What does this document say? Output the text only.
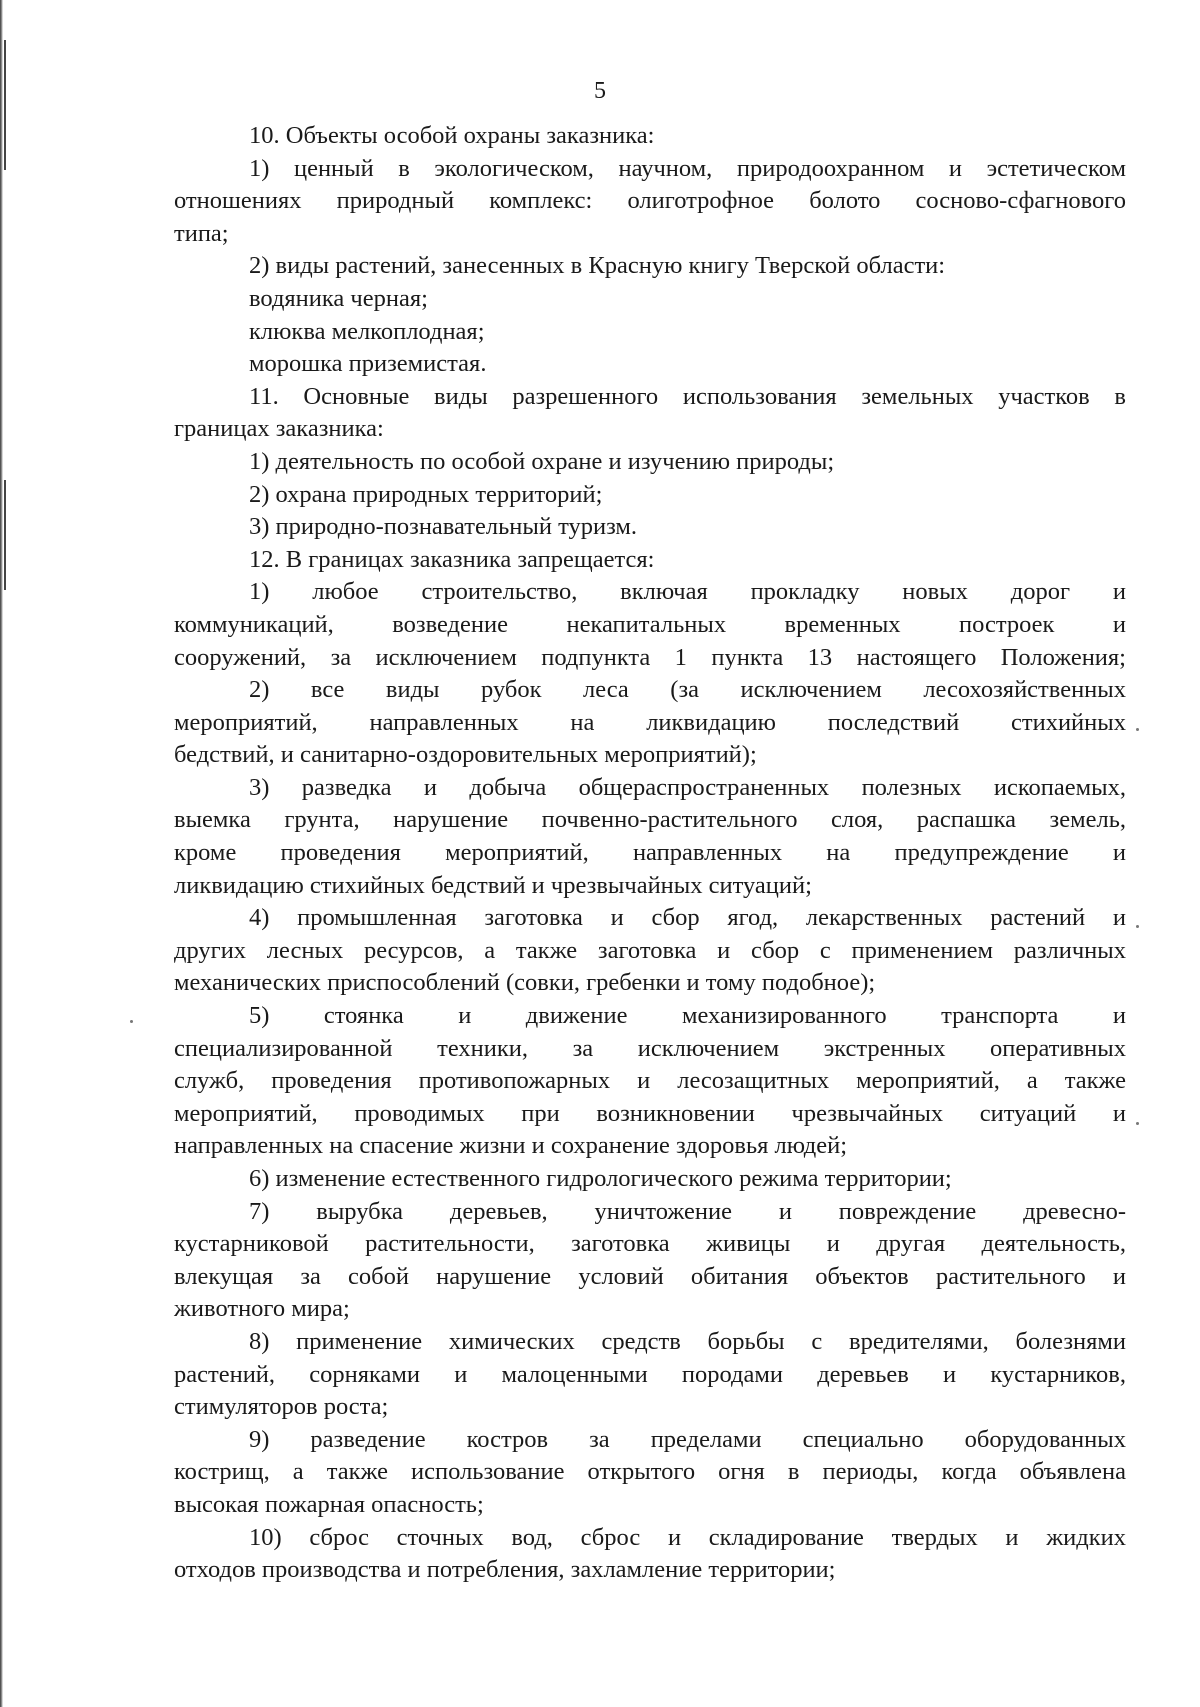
5
10. Объекты особой охраны заказника:
1) ценный в экологическом, научном, природоохранном и эстетическом
отношениях природный комплекс: олиготрофное болото сосново-сфагнового
типа;
2) виды растений, занесенных в Красную книгу Тверской области:
водяника черная;
клюква мелкоплодная;
морошка приземистая.
11. Основные виды разрешенного использования земельных участков в
границах заказника:
1) деятельность по особой охране и изучению природы;
2) охрана природных территорий;
3) природно-познавательный туризм.
12. В границах заказника запрещается:
1) любое строительство, включая прокладку новых дорог и
коммуникаций, возведение некапитальных временных построек и
сооружений, за исключением подпункта 1 пункта 13 настоящего Положения;
2) все виды рубок леса (за исключением лесохозяйственных
мероприятий, направленных на ликвидацию последствий стихийных
бедствий, и санитарно-оздоровительных мероприятий);
3) разведка и добыча общераспространенных полезных ископаемых,
выемка грунта, нарушение почвенно-растительного слоя, распашка земель,
кроме проведения мероприятий, направленных на предупреждение и
ликвидацию стихийных бедствий и чрезвычайных ситуаций;
4) промышленная заготовка и сбор ягод, лекарственных растений и
других лесных ресурсов, а также заготовка и сбор с применением различных
механических приспособлений (совки, гребенки и тому подобное);
5) стоянка и движение механизированного транспорта и
специализированной техники, за исключением экстренных оперативных
служб, проведения противопожарных и лесозащитных мероприятий, а также
мероприятий, проводимых при возникновении чрезвычайных ситуаций и
направленных на спасение жизни и сохранение здоровья людей;
6) изменение естественного гидрологического режима территории;
7) вырубка деревьев, уничтожение и повреждение древесно-
кустарниковой растительности, заготовка живицы и другая деятельность,
влекущая за собой нарушение условий обитания объектов растительного и
животного мира;
8) применение химических средств борьбы с вредителями, болезнями
растений, сорняками и малоценными породами деревьев и кустарников,
стимуляторов роста;
9) разведение костров за пределами специально оборудованных
кострищ, а также использование открытого огня в периоды, когда объявлена
высокая пожарная опасность;
10) сброс сточных вод, сброс и складирование твердых и жидких
отходов производства и потребления, захламление территории;
